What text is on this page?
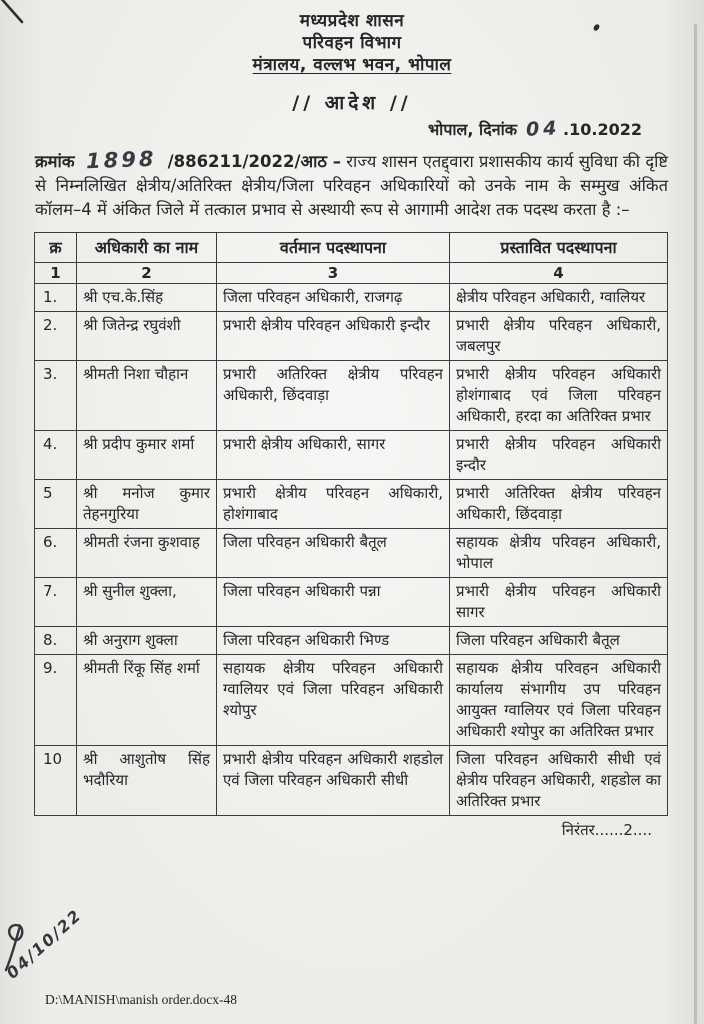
मध्यप्रदेश शासन
परिवहन विभाग
मंत्रालय, वल्लभ भवन, भोपाल
// आदेश //
भोपाल, दिनांक 04 .10.2022

क्रमांक 1898 /886211/2022/आठ – राज्य शासन एतद्द्वारा प्रशासकीय कार्य सुविधा की दृष्टि से निम्नलिखित क्षेत्रीय/अतिरिक्त क्षेत्रीय/जिला परिवहन अधिकारियों को उनके नाम के सम्मुख अंकित कॉलम–4 में अंकित जिले में तत्काल प्रभाव से अस्थायी रूप से आगामी आदेश तक पदस्थ करता है :–

क्र	अधिकारी का नाम	वर्तमान पदस्थापना	प्रस्तावित पदस्थापना
1	2	3	4
1.	श्री एच.के.सिंह	जिला परिवहन अधिकारी, राजगढ़	क्षेत्रीय परिवहन अधिकारी, ग्वालियर
2.	श्री जितेन्द्र रघुवंशी	प्रभारी क्षेत्रीय परिवहन अधिकारी इन्दौर	प्रभारी क्षेत्रीय परिवहन अधिकारी, जबलपुर
3.	श्रीमती निशा चौहान	प्रभारी अतिरिक्त क्षेत्रीय परिवहन अधिकारी, छिंदवाड़ा	प्रभारी क्षेत्रीय परिवहन अधिकारी होशंगाबाद एवं जिला परिवहन अधिकारी, हरदा का अतिरिक्त प्रभार
4.	श्री प्रदीप कुमार शर्मा	प्रभारी क्षेत्रीय अधिकारी, सागर	प्रभारी क्षेत्रीय परिवहन अधिकारी इन्दौर
5	श्री मनोज कुमार तेहनगुरिया	प्रभारी क्षेत्रीय परिवहन अधिकारी, होशंगाबाद	प्रभारी अतिरिक्त क्षेत्रीय परिवहन अधिकारी, छिंदवाड़ा
6.	श्रीमती रंजना कुशवाह	जिला परिवहन अधिकारी बैतूल	सहायक क्षेत्रीय परिवहन अधिकारी, भोपाल
7.	श्री सुनील शुक्ला,	जिला परिवहन अधिकारी पन्ना	प्रभारी क्षेत्रीय परिवहन अधिकारी सागर
8.	श्री अनुराग शुक्ला	जिला परिवहन अधिकारी भिण्ड	जिला परिवहन अधिकारी बैतूल
9.	श्रीमती रिंकू सिंह शर्मा	सहायक क्षेत्रीय परिवहन अधिकारी ग्वालियर एवं जिला परिवहन अधिकारी श्योपुर	सहायक क्षेत्रीय परिवहन अधिकारी कार्यालय संभागीय उप परिवहन आयुक्त ग्वालियर एवं जिला परिवहन अधिकारी श्योपुर का अतिरिक्त प्रभार
10	श्री आशुतोष सिंह भदौरिया	प्रभारी क्षेत्रीय परिवहन अधिकारी शहडोल एवं जिला परिवहन अधिकारी सीधी	जिला परिवहन अधिकारी सीधी एवं क्षेत्रीय परिवहन अधिकारी, शहडोल का अतिरिक्त प्रभार
निरंतर......2....
04/10/22
D:\MANISH\manish order.docx-48
